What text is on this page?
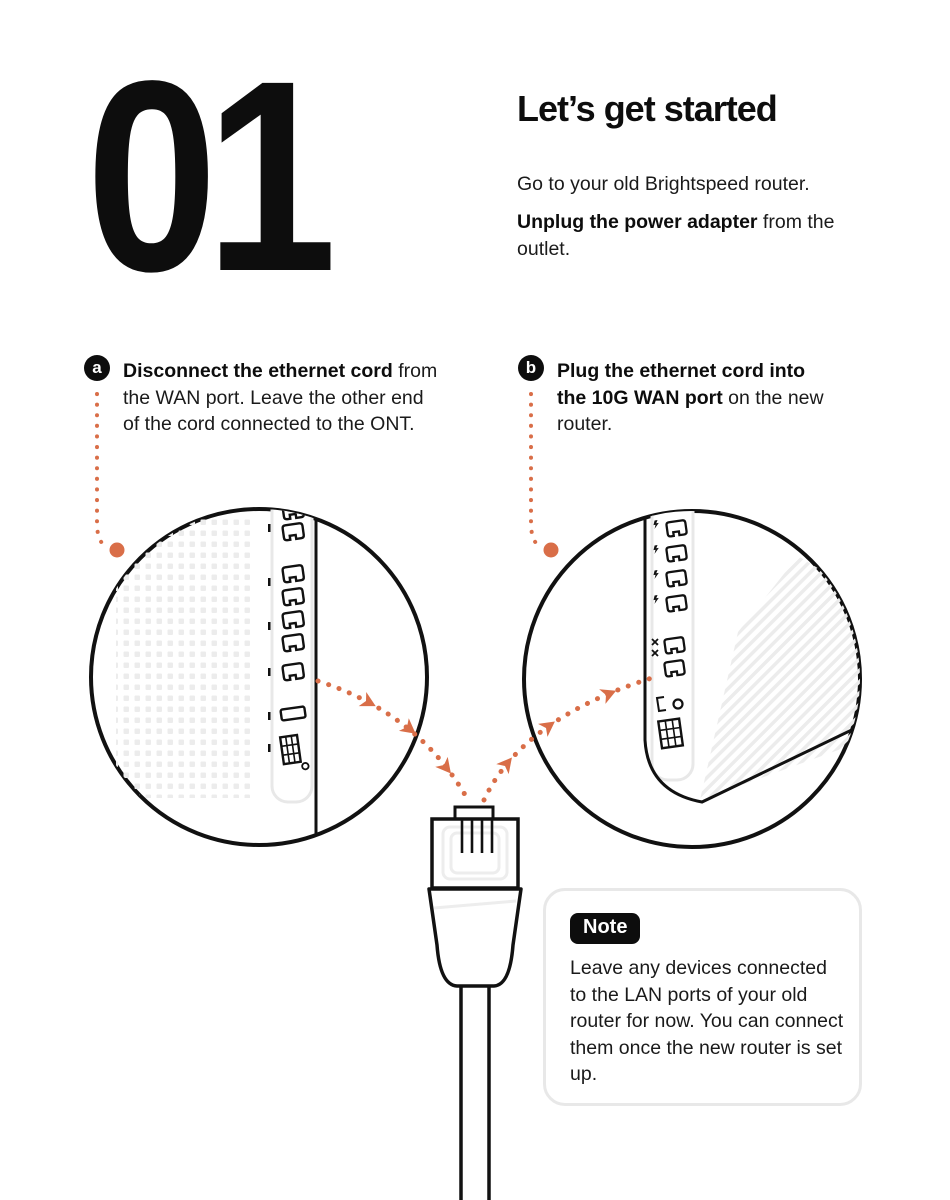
01	Let’s get started

Go to your old Brightspeed router.

Unplug the power adapter from the outlet.

a	Disconnect the ethernet cord from the WAN port. Leave the other end of the cord connected to the ONT.

b	Plug the ethernet cord into the 10G WAN port on the new router.

Note

Leave any devices connected to the LAN ports of your old router for now. You can connect them once the new router is set up.
